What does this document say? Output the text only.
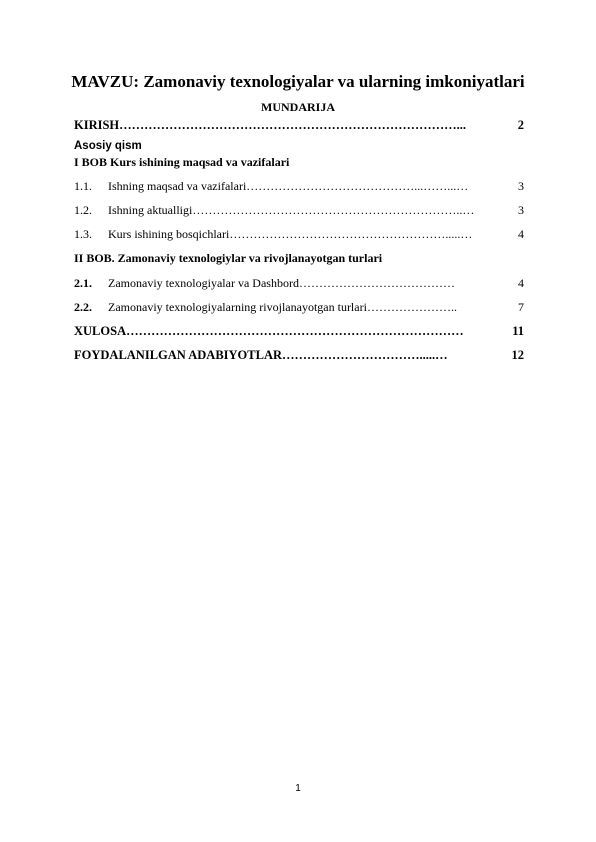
MAVZU: Zamonaviy texnologiyalar va ularning imkoniyatlari
MUNDARIJA
KIRISH ………………………………………………………………………...	2
Asosiy qism
I BOB Kurs ishining maqsad va vazifalari
1.1.	Ishning maqsad va vazifalari ……………………………………...……...…	3
1.2.	Ishning aktualligi …………………………………………………………..…	3
1.3.	Kurs ishining bosqichlari ……………………………………………….....…	4
II BOB. Zamonaviy texnologiylar va rivojlanayotgan turlari
2.1.	Zamonaviy texnologiyalar va Dashbord …………………………………	4
2.2.	Zamonaviy texnologiyalarning rivojlanayotgan turlari …………………..	7
XULOSA ………………………………………………………………………	11
FOYDALANILGAN ADABIYOTLAR …………………………….....…	12
1
